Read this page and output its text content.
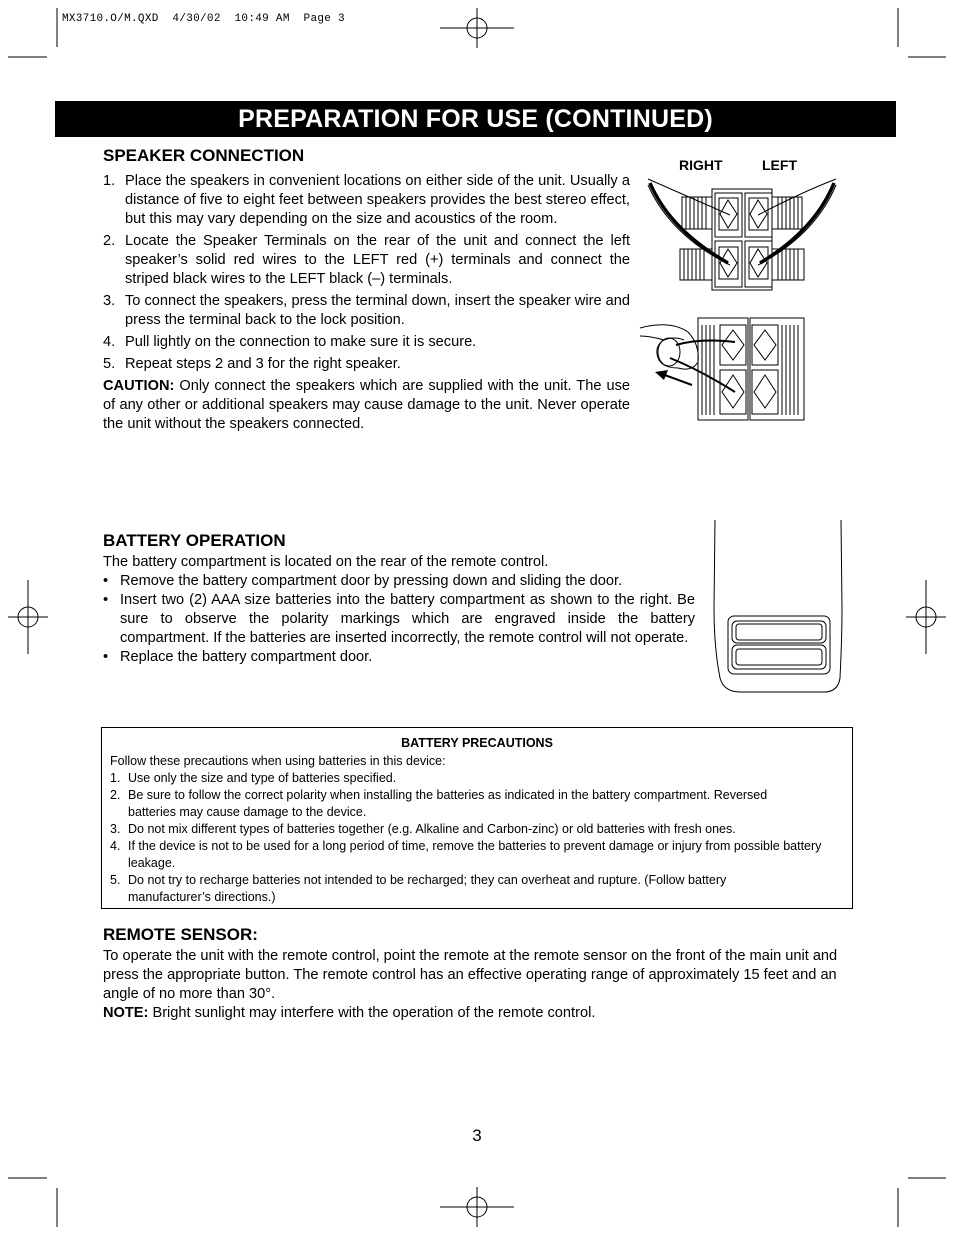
MX3710.O/M.QXD  4/30/02  10:49 AM  Page 3
PREPARATION FOR USE (CONTINUED)
SPEAKER CONNECTION
1. Place the speakers in convenient locations on either side of the unit. Usually a distance of five to eight feet between speakers provides the best stereo effect, but this may vary depending on the size and acoustics of the room.
2. Locate the Speaker Terminals on the rear of the unit and connect the left speaker’s solid red wires to the LEFT red (+) terminals and connect the striped black wires to the LEFT black (–) terminals.
3. To connect the speakers, press the terminal down, insert the speaker wire and press the terminal back to the lock position.
4. Pull lightly on the connection to make sure it is secure.
5. Repeat steps 2 and 3 for the right speaker.
CAUTION: Only connect the speakers which are supplied with the unit. The use of any other or additional speakers may cause damage to the unit. Never operate the unit without the speakers connected.
RIGHT	LEFT
BATTERY OPERATION
The battery compartment is located on the rear of the remote control.
• Remove the battery compartment door by pressing down and sliding the door.
• Insert two (2) AAA size batteries into the battery compartment as shown to the right. Be sure to observe the polarity markings which are engraved inside the battery compartment. If the batteries are inserted incorrectly, the remote control will not operate.
• Replace the battery compartment door.
BATTERY PRECAUTIONS
Follow these precautions when using batteries in this device:
1. Use only the size and type of batteries specified.
2. Be sure to follow the correct polarity when installing the batteries as indicated in the battery compartment. Reversed batteries may cause damage to the device.
3. Do not mix different types of batteries together (e.g. Alkaline and Carbon-zinc) or old batteries with fresh ones.
4. If the device is not to be used for a long period of time, remove the batteries to prevent damage or injury from possible battery leakage.
5. Do not try to recharge batteries not intended to be recharged; they can overheat and rupture. (Follow battery manufacturer’s directions.)
REMOTE SENSOR:
To operate the unit with the remote control, point the remote at the remote sensor on the front of the main unit and press the appropriate button. The remote control has an effective operating range of approximately 15 feet and an angle of no more than 30°.
NOTE: Bright sunlight may interfere with the operation of the remote control.
3
